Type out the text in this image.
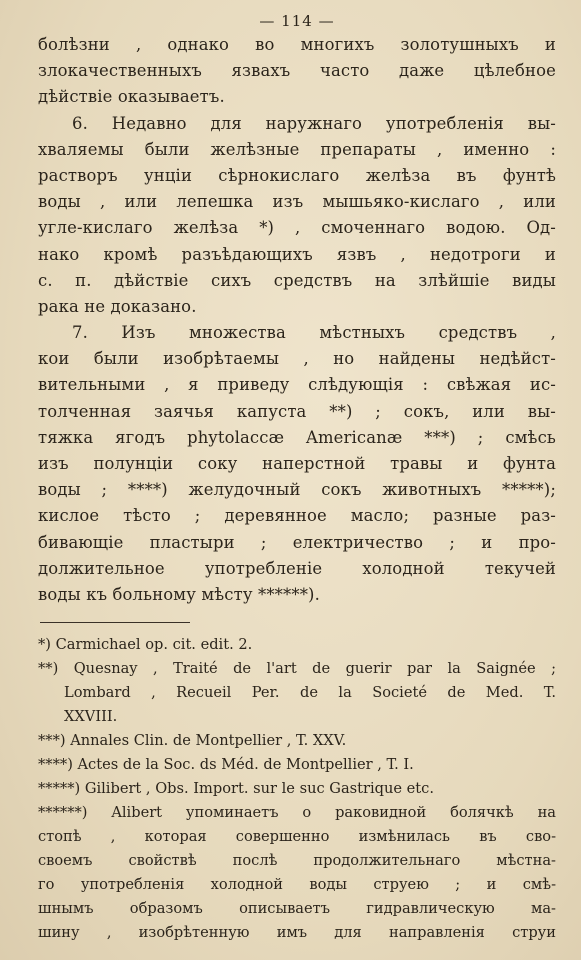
— 114 —
болѣзни , однако во многихъ золотушныхъ и
злокачественныхъ язвахъ часто даже цѣлебное
дѣйствіе оказываетъ.
6. Недавно для наружнаго употребленія вы-
хваляемы были желѣзные препараты , именно :
растворъ унціи сѣрнокислаго желѣза въ фунтѣ
воды , или лепешка изъ мышьяко-кислаго , или
угле-кислаго желѣза *) , смоченнаго водою. Од-
нако кромѣ разъѣдающихъ язвъ , недотроги и
с. п. дѣйствіе сихъ средствъ на злѣйшіе виды
рака не доказано.
7. Изъ множества мѣстныхъ средствъ ,
кои были изобрѣтаемы , но найдены недѣйст-
вительными , я приведу слѣдующія : свѣжая ис-
толченная заячья капуста **) ; сокъ, или вы-
тяжка ягодъ phytolaccæ Americanæ ***) ; смѣсь
изъ полунціи соку наперстной травы и фунта
воды ; ****) желудочный сокъ животныхъ *****);
кислое тѣсто ; деревянное масло; разные раз-
бивающіе пластыри ; електричество ; и про-
должительное употребленіе холодной текучей
воды къ больному мѣсту ******).
*) Carmichael op. cit. edit. 2.
**) Quesnay , Traité de l'art de guerir par la Saignée ;
Lombard , Recueil Per. de la Societé de Med. T.
XXVIII.
***) Annales Clin. de Montpellier , T. XXV.
****) Actes de la Soc. ds Méd. de Montpellier , T. I.
*****) Gilibert , Obs. Import. sur le suc Gastrique etc.
******) Alibert упоминаетъ о раковидной болячкѣ на
стопѣ , которая совершенно измѣнилась въ сво-
своемъ свойствѣ послѣ продолжительнаго мѣстна-
го употребленія холодной воды струею ; и смѣ-
шнымъ образомъ описываетъ гидравлическую ма-
шину , изобрѣтенную имъ для направленія струи
